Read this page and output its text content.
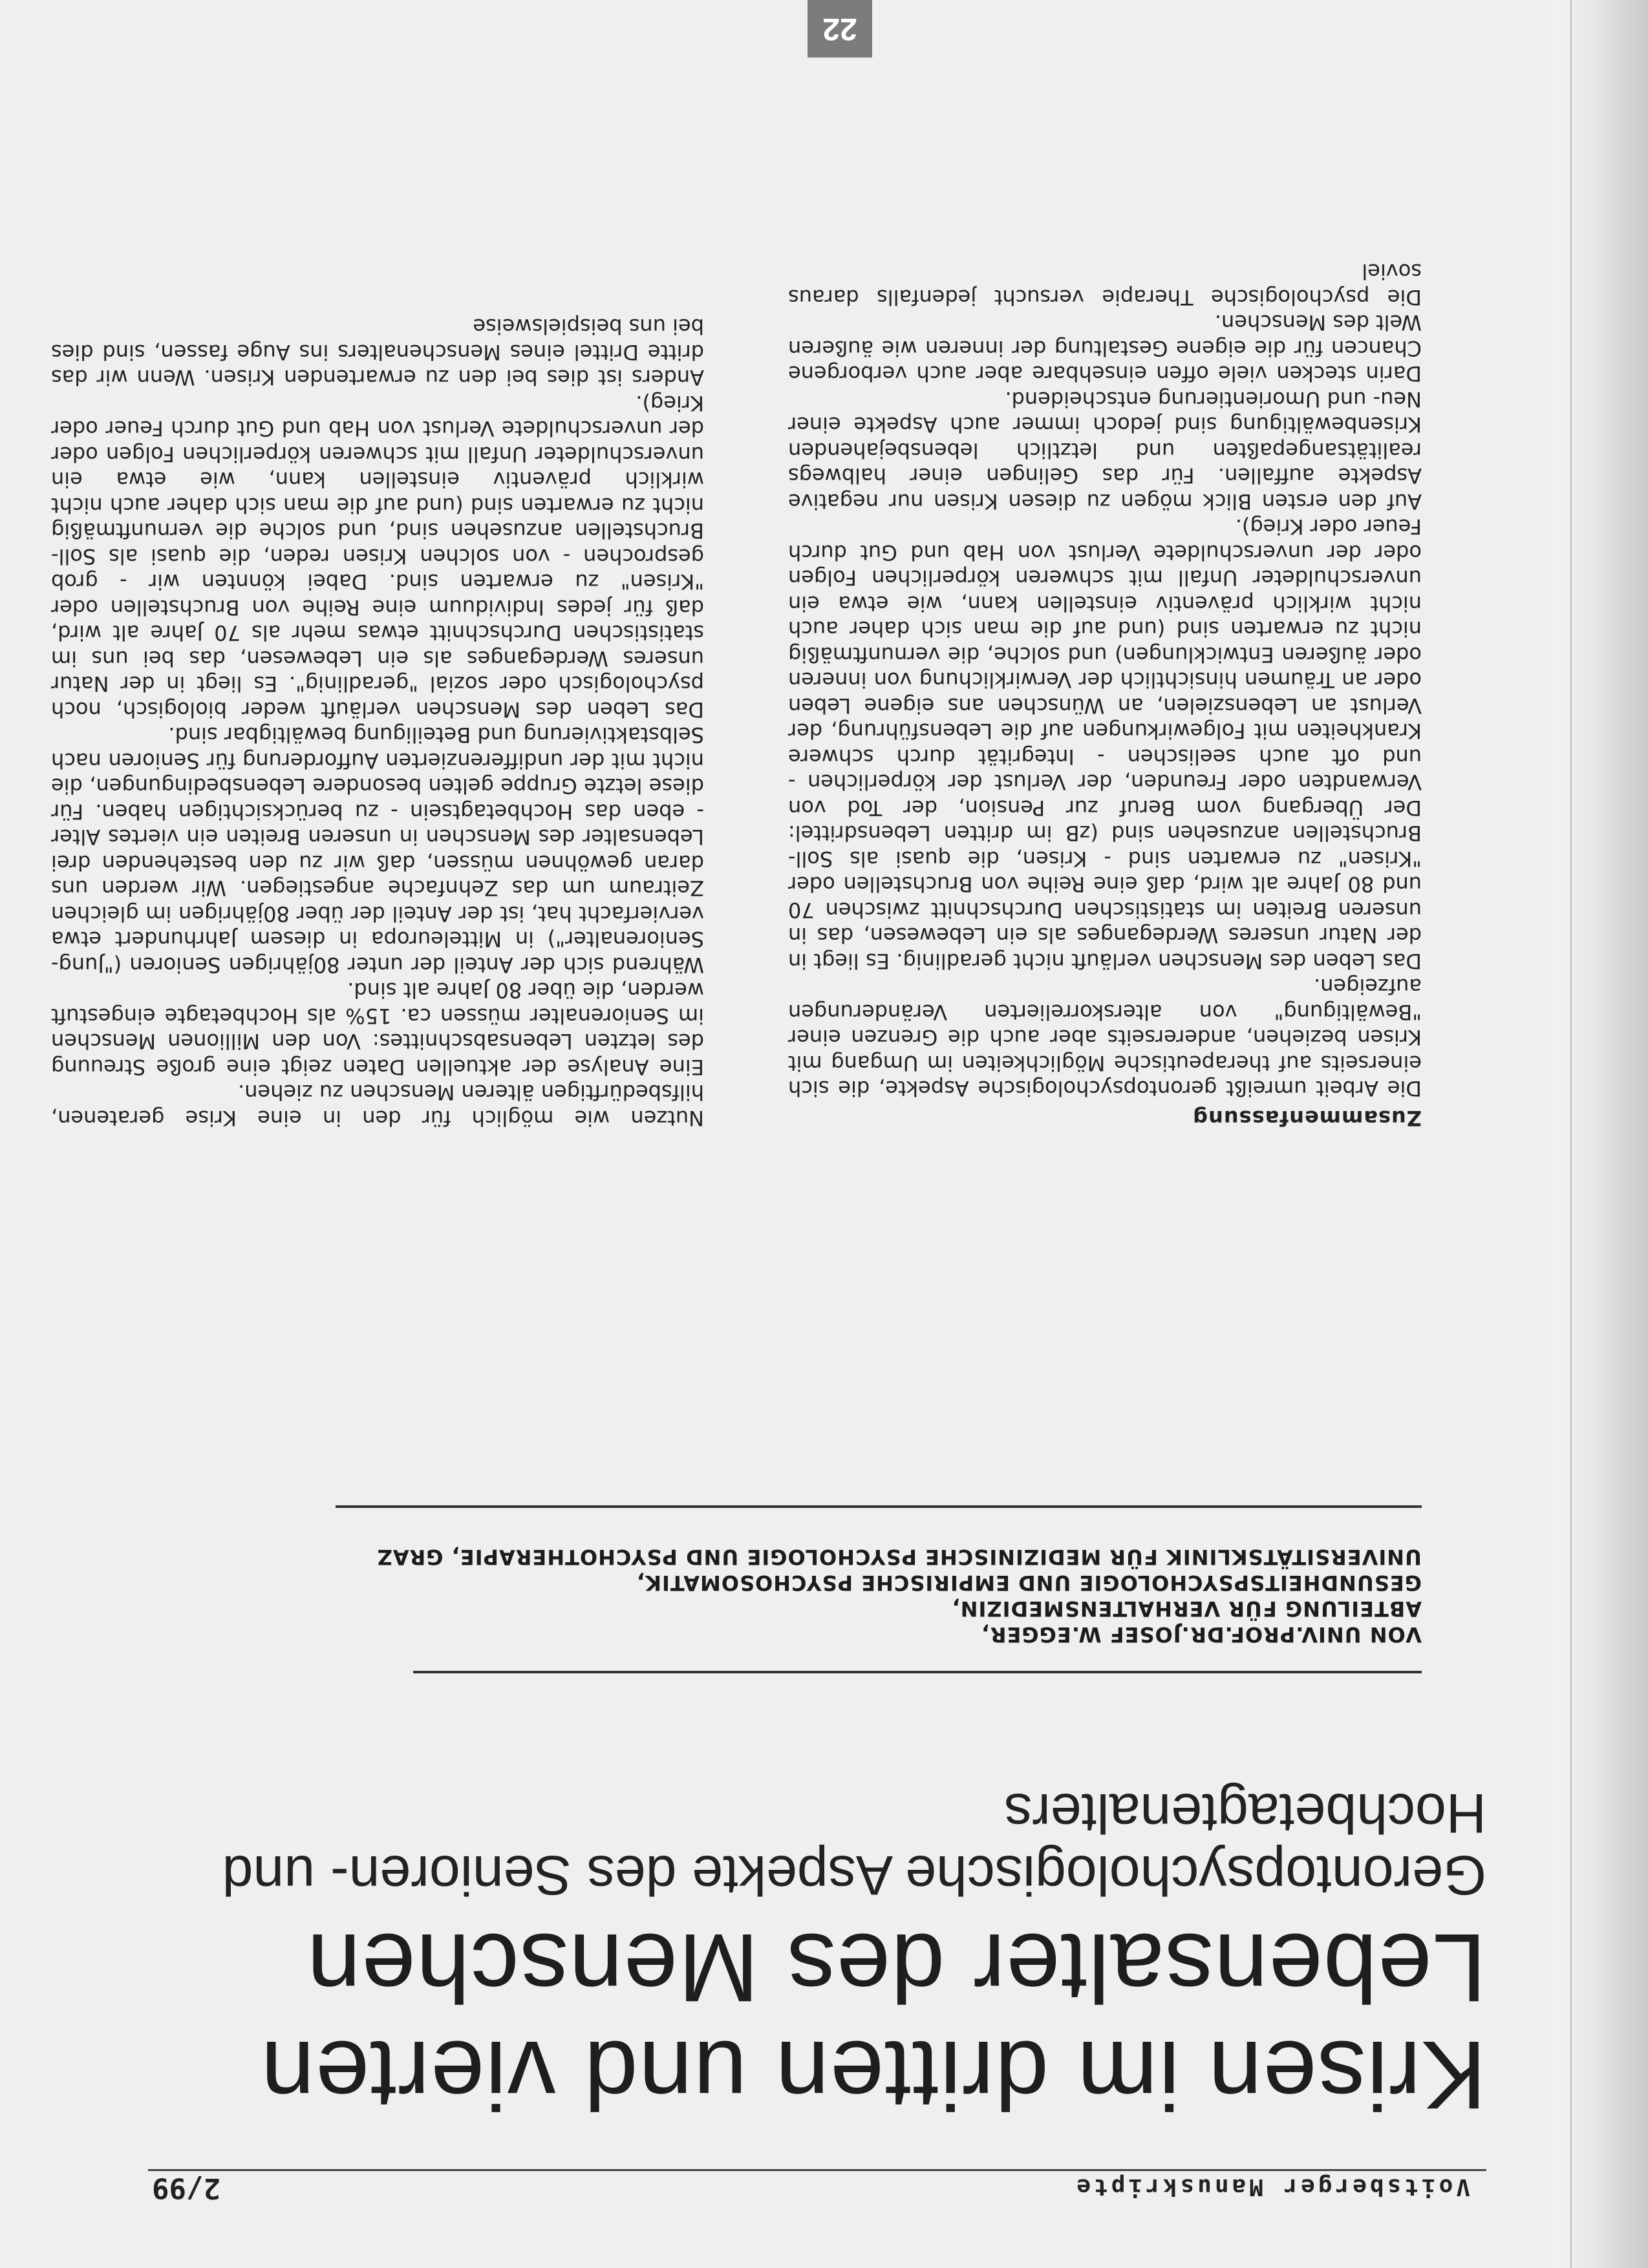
Voitsberger Manuskripte
2/99
Krisen im dritten und vierten Lebensalter des Menschen
Gerontopsychologische Aspekte des Senioren- und Hochbetagtenalters
VON UNIV.PROF.DR.JOSEF W.EGGER,
ABTEILUNG FÜR VERHALTENSMEDIZIN,
GESUNDHEITSPSYCHOLOGIE UND EMPIRISCHE PSYCHOSOMATIK,
UNIVERSITÄTSKLINIK FÜR MEDIZINISCHE PSYCHOLOGIE UND PSYCHOTHERAPIE, GRAZ

Zusammenfassung

Die Arbeit umreißt gerontopsychologische Aspekte, die sich einerseits auf therapeutische Möglichkeiten im Umgang mit Krisen beziehen, andererseits aber auch die Grenzen einer "Bewältigung" von alterskorrelierten Veränderungen aufzeigen.

Das Leben des Menschen verläuft nicht geradlinig. Es liegt in der Natur unseres Werdeganges als ein Lebewesen, das in unseren Breiten im statistischen Durchschnitt zwischen 70 und 80 Jahre alt wird, daß eine Reihe von Bruchstellen oder "Krisen" zu erwarten sind - Krisen, die quasi als Soll-Bruchstellen anzusehen sind (zB im dritten Lebensdrittel: Der Übergang vom Beruf zur Pension, der Tod von Verwandten oder Freunden, der Verlust der körperlichen - und oft auch seelischen - Integrität durch schwere Krankheiten mit Folgewirkungen auf die Lebensführung, der Verlust an Lebenszielen, an Wünschen ans eigene Leben oder an Träumen hinsichtlich der Verwirklichung von inneren oder äußeren Entwicklungen) und solche, die vernunftmäßig nicht zu erwarten sind (und auf die man sich daher auch nicht wirklich präventiv einstellen kann, wie etwa ein unverschuldeter Unfall mit schweren körperlichen Folgen oder der unverschuldete Verlust von Hab und Gut durch Feuer oder Krieg).

Auf den ersten Blick mögen zu diesen Krisen nur negative Aspekte auffallen. Für das Gelingen einer halbwegs realitätsangepaßten und letztlich lebensbejahenden Krisenbewältigung sind jedoch immer auch Aspekte einer Neu- und Umorientierung entscheidend.

Darin stecken viele offen einsehbare aber auch verborgene Chancen für die eigene Gestaltung der inneren wie äußeren Welt des Menschen.

Die psychologische Therapie versucht jedenfalls daraus soviel

Nutzen wie möglich für den in eine Krise geratenen, hilfsbedürftigen älteren Menschen zu ziehen.

Eine Analyse der aktuellen Daten zeigt eine große Streuung des letzten Lebensabschnittes: Von den Millionen Menschen im Seniorenalter müssen ca. 15% als Hochbetagte eingestuft werden, die über 80 Jahre alt sind.

Während sich der Anteil der unter 80jährigen Senioren ("Jung-Seniorenalter") in Mitteleuropa in diesem Jahrhundert etwa vervierfacht hat, ist der Anteil der über 80jährigen im gleichen Zeitraum um das Zehnfache angestiegen. Wir werden uns daran gewöhnen müssen, daß wir zu den bestehenden drei Lebensalter des Menschen in unseren Breiten ein viertes Alter - eben das Hochbetagtsein - zu berücksichtigen haben. Für diese letzte Gruppe gelten besondere Lebensbedingungen, die nicht mit der undifferenzierten Aufforderung für Senioren nach Selbstaktivierung und Beteiligung bewältigbar sind.

Das Leben des Menschen verläuft weder biologisch, noch psychologisch oder sozial "geradlinig". Es liegt in der Natur unseres Werdeganges als ein Lebewesen, das bei uns im statistischen Durchschnitt etwas mehr als 70 Jahre alt wird, daß für jedes Individuum eine Reihe von Bruchstellen oder "Krisen" zu erwarten sind. Dabei könnten wir - grob gesprochen - von solchen Krisen reden, die quasi als Soll-Bruchstellen anzusehen sind, und solche die vernunftmäßig nicht zu erwarten sind (und auf die man sich daher auch nicht wirklich präventiv einstellen kann, wie etwa ein unverschuldeter Unfall mit schweren körperlichen Folgen oder der unverschuldete Verlust von Hab und Gut durch Feuer oder Krieg).

Anders ist dies bei den zu erwartenden Krisen. Wenn wir das dritte Drittel eines Menschenalters ins Auge fassen, sind dies bei uns beispielsweise

22
